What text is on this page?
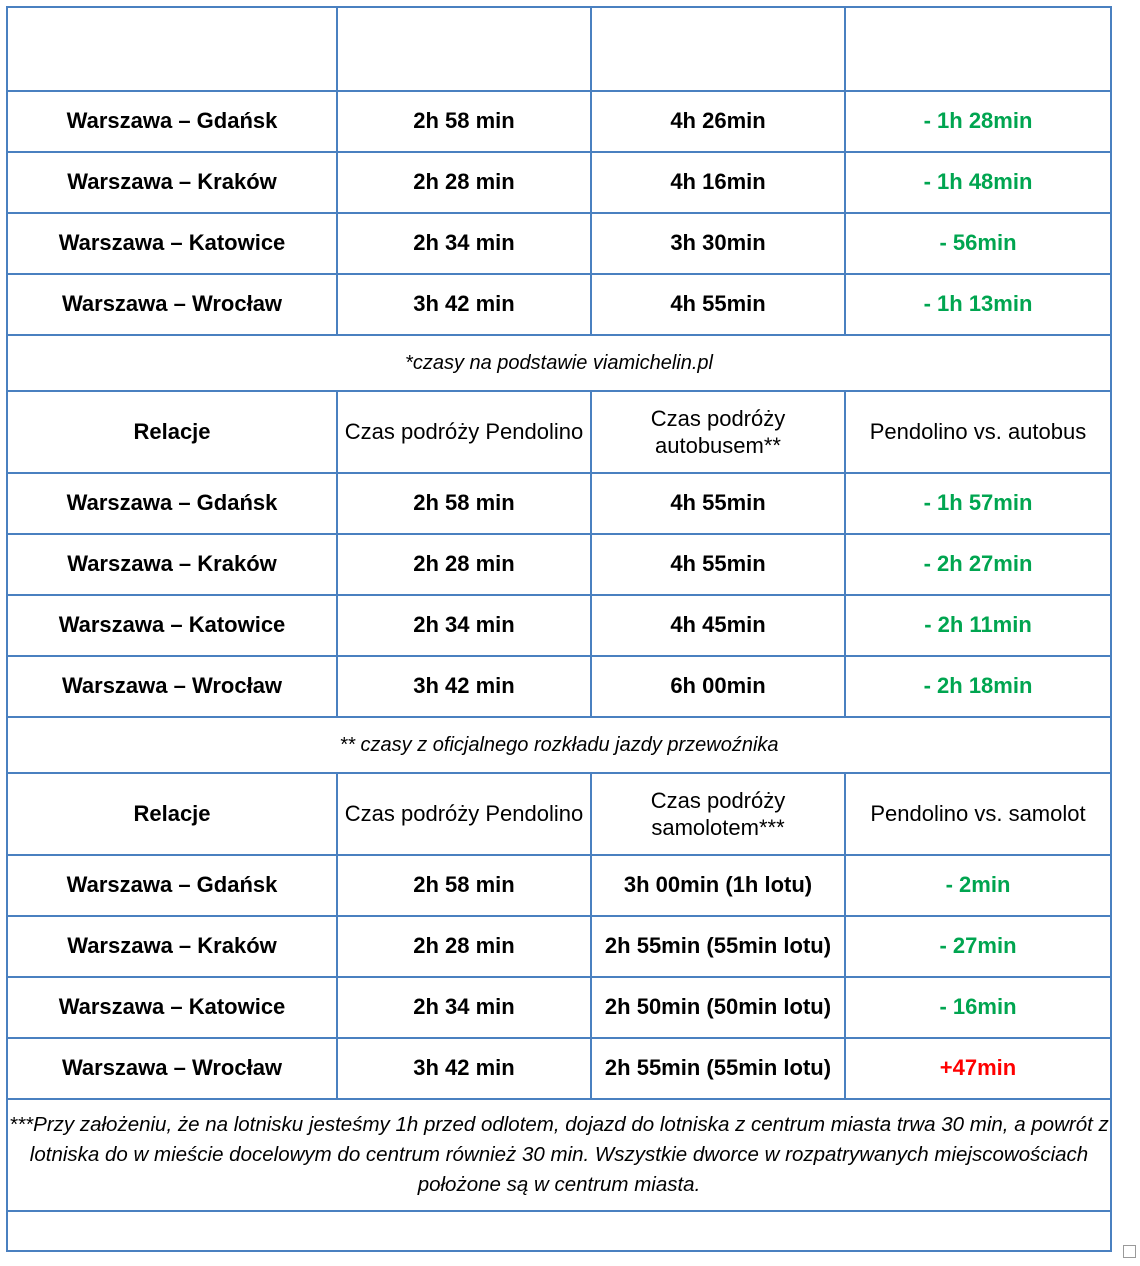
Relacje	Czas podróży Pendolino	Czas podróży samochodem*	Pendolino vs. samochód
Warszawa – Gdańsk	2h 58 min	4h 26min	- 1h 28min
Warszawa – Kraków	2h 28 min	4h 16min	- 1h 48min
Warszawa – Katowice	2h 34 min	3h 30min	- 56min
Warszawa – Wrocław	3h 42 min	4h 55min	- 1h 13min
*czasy na podstawie viamichelin.pl			
Relacje	Czas podróży Pendolino	Czas podróży autobusem**	Pendolino vs. autobus
Warszawa – Gdańsk	2h 58 min	4h 55min	- 1h 57min
Warszawa – Kraków	2h 28 min	4h 55min	- 2h 27min
Warszawa – Katowice	2h 34 min	4h 45min	- 2h 11min
Warszawa – Wrocław	3h 42 min	6h 00min	- 2h 18min
** czasy z oficjalnego rozkładu jazdy przewoźnika			
Relacje	Czas podróży Pendolino	Czas podróży samolotem***	Pendolino vs. samolot
Warszawa – Gdańsk	2h 58 min	3h 00min (1h lotu)	- 2min
Warszawa – Kraków	2h 28 min	2h 55min (55min lotu)	- 27min
Warszawa – Katowice	2h 34 min	2h 50min (50min lotu)	- 16min
Warszawa – Wrocław	3h 42 min	2h 55min (55min lotu)	+47min
***Przy założeniu, że na lotnisku jesteśmy 1h przed odlotem, dojazd do lotniska z centrum miasta trwa 30 min, a powrót z lotniska do w mieście docelowym do centrum również 30 min. Wszystkie dworce w rozpatrywanych miejscowościach położone są w centrum miasta.			
